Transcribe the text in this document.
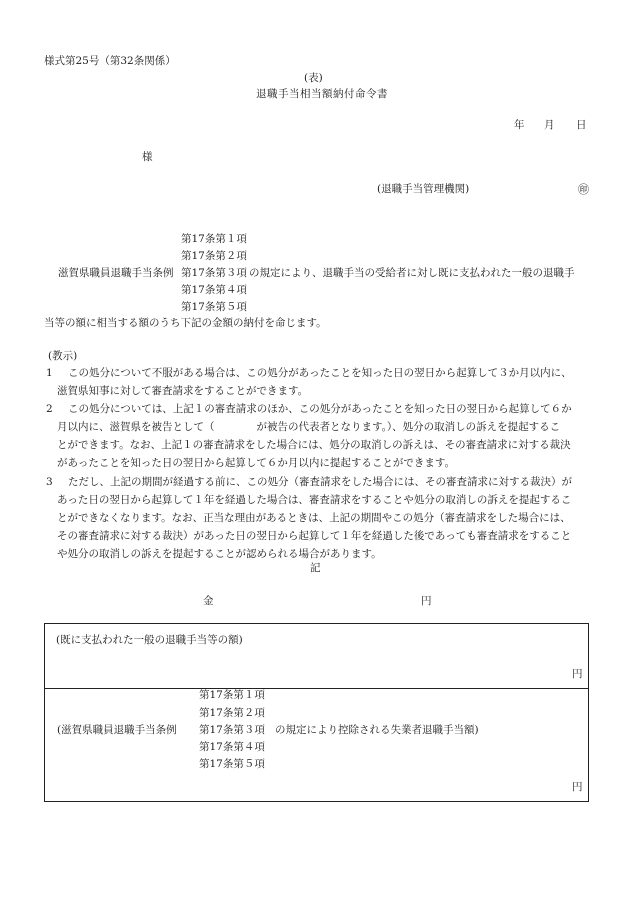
様式第25号（第32条関係）
(表)
退職手当相当額納付命令書
年 月 日
様
(退職手当管理機関)	㊞
第17条第１項
第17条第２項
滋賀県職員退職手当条例 第17条第３項 の規定により、退職手当の受給者に対し既に支払われた一般の退職手
第17条第４項
第17条第５項
当等の額に相当する額のうち下記の金額の納付を命じます。
(教示)
1 この処分について不服がある場合は、この処分があったことを知った日の翌日から起算して３か月以内に、
滋賀県知事に対して審査請求をすることができます。
2 この処分については、上記１の審査請求のほか、この処分があったことを知った日の翌日から起算して６か
月以内に、滋賀県を被告として（　　　　が被告の代表者となります。）、処分の取消しの訴えを提起するこ
とができます。なお、上記１の審査請求をした場合には、処分の取消しの訴えは、その審査請求に対する裁決
があったことを知った日の翌日から起算して６か月以内に提起することができます。
3 ただし、上記の期間が経過する前に、この処分（審査請求をした場合には、その審査請求に対する裁決）が
あった日の翌日から起算して１年を経過した場合は、審査請求をすることや処分の取消しの訴えを提起するこ
とができなくなります。なお、正当な理由があるときは、上記の期間やこの処分（審査請求をした場合には、
その審査請求に対する裁決）があった日の翌日から起算して１年を経過した後であっても審査請求をすること
や処分の取消しの訴えを提起することが認められる場合があります。
記
金	円
(既に支払われた一般の退職手当等の額)
円
第17条第１項
第17条第２項
(滋賀県職員退職手当条例 第17条第３項 の規定により控除される失業者退職手当額)
第17条第４項
第17条第５項
円
